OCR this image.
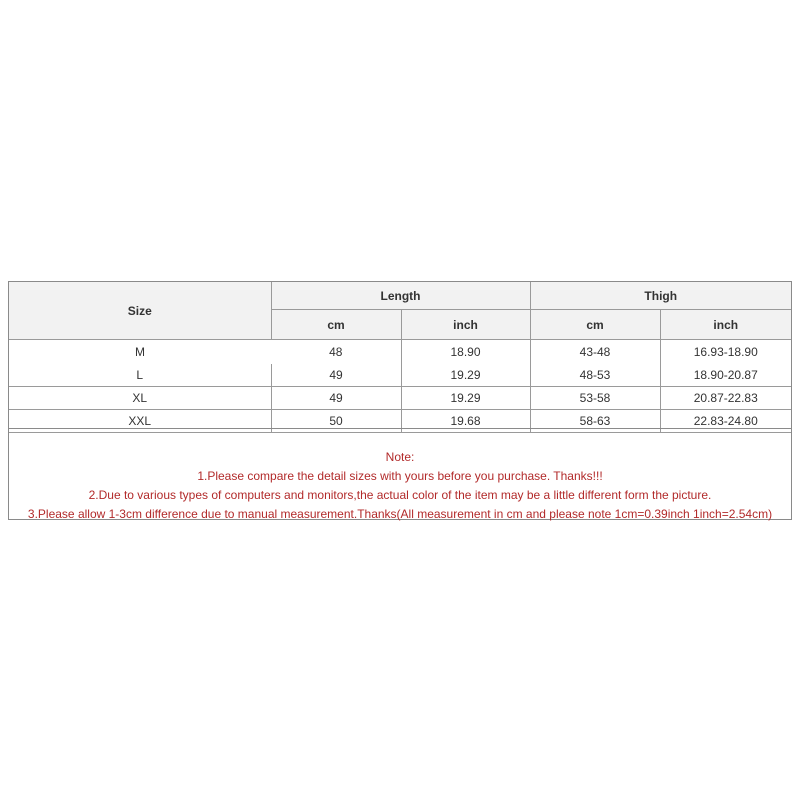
Size	Length		Thigh	
	cm	inch	cm	inch
M	48	18.90	43-48	16.93-18.90
L	49	19.29	48-53	18.90-20.87
XL	49	19.29	53-58	20.87-22.83
XXL	50	19.68	58-63	22.83-24.80

Note:

1.Please compare the detail sizes with yours before you purchase. Thanks!!!

2.Due to various types of computers and monitors,the actual color of the item may be a little different form the picture.

3.Please allow 1-3cm difference due to manual measurement.Thanks(All measurement in cm and please note 1cm=0.39inch 1inch=2.54cm)
